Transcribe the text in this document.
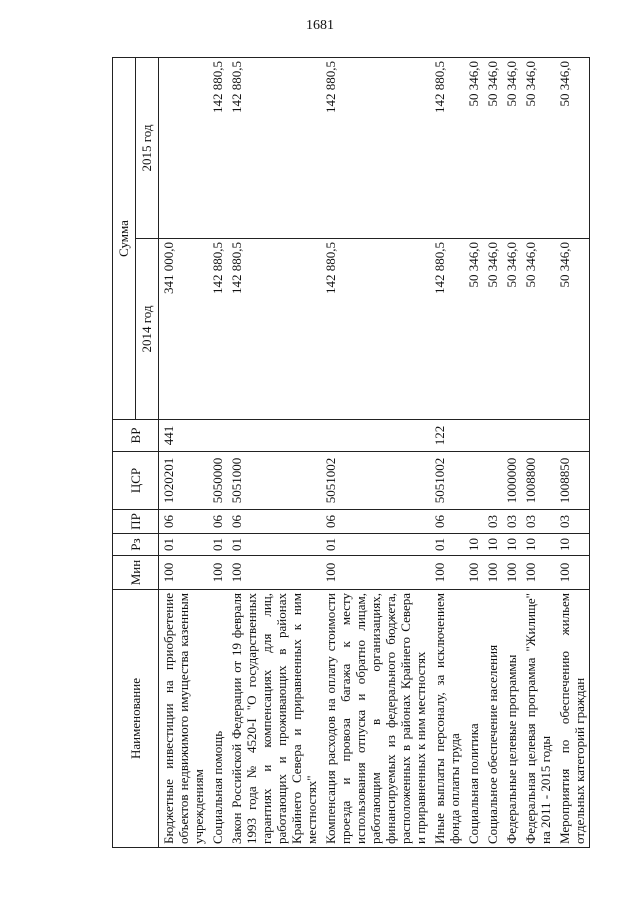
1681
Наименование	Мин	Рз	ПР	ЦСР	ВР	Сумма	
						2014 год	2015 год
Бюджетные инвестиции на приобретение объектов недвижимого имущества казенным учреждениям	100	01	06	1020201	441	341 000,0	
Социальная помощь	100	01	06	5050000		142 880,5	142 880,5
Закон Российской Федерации от 19 февраля 1993 года № 4520-I "О государственных гарантиях и компенсациях для лиц, работающих и проживающих в районах Крайнего Севера и приравненных к ним местностях"	100	01	06	5051000		142 880,5	142 880,5
Компенсация расходов на оплату стоимости проезда и провоза багажа к месту использования отпуска и обратно лицам, работающим в организациях, финансируемых из федерального бюджета, расположенных в районах Крайнего Севера и приравненных к ним местностях	100	01	06	5051002		142 880,5	142 880,5
Иные выплаты персоналу, за исключением фонда оплаты труда	100	01	06	5051002	122	142 880,5	142 880,5
Социальная политика	100	10				50 346,0	50 346,0
Социальное обеспечение населения	100	10	03			50 346,0	50 346,0
Федеральные целевые программы	100	10	03	1000000		50 346,0	50 346,0
Федеральная целевая программа "Жилище" на 2011 - 2015 годы	100	10	03	1008800		50 346,0	50 346,0
Мероприятия по обеспечению жильем отдельных категорий граждан	100	10	03	1008850		50 346,0	50 346,0
